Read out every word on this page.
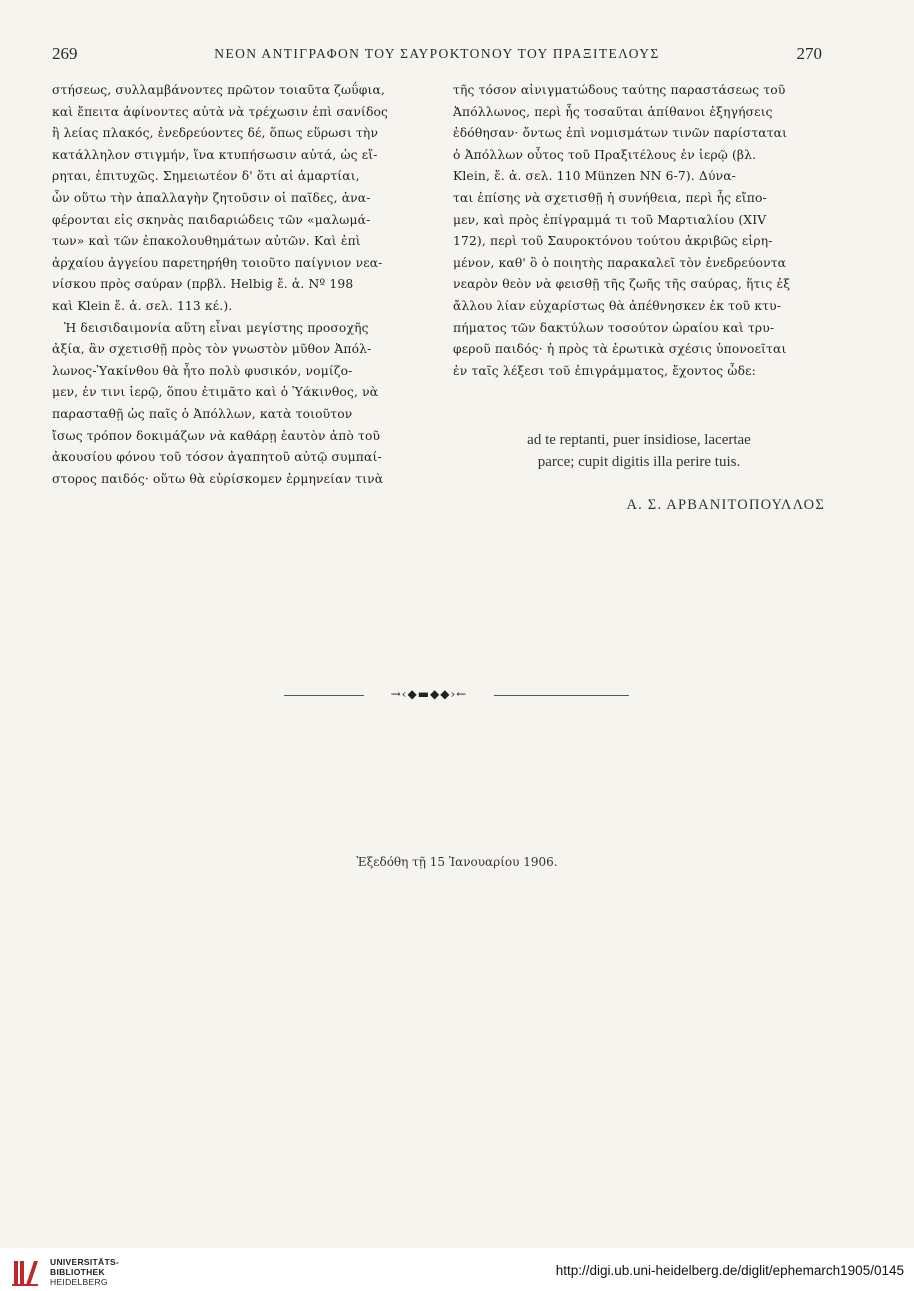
269	ΝΕΟΝ ΑΝΤΙΓΡΑΦΟΝ ΤΟΥ ΣΑΥΡΟΚΤΟΝΟΥ ΤΟΥ ΠΡΑΞΙΤΕΛΟΥΣ	270
στήσεως, συλλαμβάνοντες πρῶτον τοιαῦτα ζωΰφια,
καὶ ἔπειτα ἀφίνοντες αὐτὰ νὰ τρέχωσιν ἐπὶ σανίδος
ἢ λείας πλακός, ἐνεδρεύοντες δέ, ὅπως εὕρωσι τὴν
κατάλληλον στιγμήν, ἵνα κτυπήσωσιν αὐτά, ὡς εἴ-
ρηται, ἐπιτυχῶς. Σημειωτέον δ' ὅτι αἱ ἁμαρτίαι,
ὧν οὕτω τὴν ἀπαλλαγὴν ζητοῦσιν οἱ παῖδες, ἀνα-
φέρονται εἰς σκηνὰς παιδαριώδεις τῶν «μαλωμά-
των» καὶ τῶν ἐπακολουθημάτων αὐτῶν. Καὶ ἐπὶ
ἀρχαίου ἀγγείου παρετηρήθη τοιοῦτο παίγνιον νεα-
νίσκου πρὸς σαύραν (πρβλ. Helbig ἔ. ἀ. Nº 198
καὶ Klein ἔ. ἀ. σελ. 113 κέ.).
Ἡ δεισιδαιμονία αὕτη εἶναι μεγίστης προσοχῆς
ἀξία, ἂν σχετισθῇ πρὸς τὸν γνωστὸν μῦθον Ἀπόλ-
λωνος-Ὑακίνθου θὰ ἦτο πολὺ φυσικόν, νομίζο-
μεν, ἐν τινι ἱερῷ, ὅπου ἐτιμᾶτο καὶ ὁ Ὑάκινθος, νὰ
παρασταθῇ ὡς παῖς ὁ Ἀπόλλων, κατὰ τοιοῦτον
ἴσως τρόπον δοκιμάζων νὰ καθάρῃ ἑαυτὸν ἀπὸ τοῦ
ἀκουσίου φόνου τοῦ τόσον ἀγαπητοῦ αὐτῷ συμπαί-
στορος παιδός· οὕτω θὰ εὑρίσκομεν ἑρμηνείαν τινὰ
τῆς τόσον αἰνιγματώδους ταύτης παραστάσεως τοῦ
Ἀπόλλωνος, περὶ ἧς τοσαῦται ἀπίθανοι ἐξηγήσεις
ἐδόθησαν· ὄντως ἐπὶ νομισμάτων τινῶν παρίσταται
ὁ Ἀπόλλων οὗτος τοῦ Πραξιτέλους ἐν ἱερῷ (βλ.
Klein, ἔ. ἀ. σελ. 110 Münzen NN 6-7). Δύνα-
ται ἐπίσης νὰ σχετισθῇ ἡ συνήθεια, περὶ ἧς εἴπο-
μεν, καὶ πρὸς ἐπίγραμμά τι τοῦ Μαρτιαλίου (XIV
172), περὶ τοῦ Σαυροκτόνου τούτου ἀκριβῶς εἰρη-
μένον, καθ' ὃ ὁ ποιητὴς παρακαλεῖ τὸν ἐνεδρεύοντα
νεαρὸν θεὸν νὰ φεισθῇ τῆς ζωῆς τῆς σαύρας, ἥτις ἐξ
ἄλλου λίαν εὐχαρίστως θὰ ἀπέθνησκεν ἐκ τοῦ κτυ-
πήματος τῶν δακτύλων τοσούτον ὡραίου καὶ τρυ-
φεροῦ παιδός· ἡ πρὸς τὰ ἐρωτικὰ σχέσις ὑπονοεῖται
ἐν ταῖς λέξεσι τοῦ ἐπιγράμματος, ἔχοντος ὧδε:
ad te reptanti, puer insidiose, lacertae
parce; cupit digitis illa perire tuis.
Α. Σ. ΑΡΒΑΝΙΤΟΠΟΥΛΛΟΣ
→‹◆▬◆◆›←
Ἐξεδόθη τῇ 15 Ἰανουαρίου 1906.
UNIVERSITÄTS-
BIBLIOTHEK
HEIDELBERG
http://digi.ub.uni-heidelberg.de/diglit/ephemarch1905/0145
